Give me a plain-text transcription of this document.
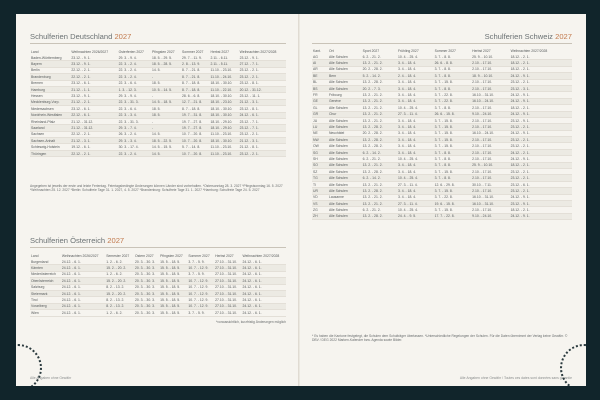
Schulferien Deutschland 2027
Land	Weihnachten 2026/2027	Osterferien 2027	Pfingsten 2027	Sommer 2027	Herbst 2027	Weihnachten 2027/2028
Baden-Württemberg	23.12. - 9. 1.	29. 3. - 9. 4.	18. 5. - 29. 5.	29. 7. - 11. 9.	2.11. - 6.11.	23.12. - 9. 1.
Bayern	23.12. - 9. 1.	22. 3. - 2. 4.	18. 5. - 28. 5.	2. 8. - 13. 9.	2.11. - 5.11.	27.12. - 7. 1.
Berlin	22.12. - 2. 1.	22. 3. - 2. 4.	14. 5.	8. 7. - 21. 8.	11.10. - 23.10.	23.12. - 2. 1.
Brandenburg	22.12. - 2. 1.	22. 3. - 2. 4.	-	8. 7. - 21. 8.	11.10. - 24.10.	23.12. - 2. 1.
Bremen	23.12. - 6. 1.	22. 3. - 6. 4.	18. 5.	8. 7. - 18. 8.	18.10. - 30.10.	23.12. - 8. 1.
Hamburg	21.12. - 1. 1.	1. 3. - 12. 3.	10. 5. - 14. 5.	8. 7. - 18. 8.	11.10. - 22.10.	20.12. - 31.12.
Hessen	23.12. - 9. 1.	29. 3. - 9. 4.	-	28. 6. - 6. 8.	18.10. - 30.10.	23.12. - 11. 1.
Mecklenburg-Vorp.	21.12. - 2. 1.	22. 3. - 31. 3.	14. 5. - 18. 5.	12. 7. - 21. 8.	18.10. - 23.10.	21.12. - 3. 1.
Niedersachsen	23.12. - 6. 1.	22. 3. - 6. 4.	18. 5.	8. 7. - 18. 8.	18.10. - 30.10.	23.12. - 8. 1.
Nordrhein-Westfalen	22.12. - 6. 1.	22. 3. - 3. 4.	18. 5.	19. 7. - 31. 8.	18.10. - 30.10.	24.12. - 6. 1.
Rheinland-Pfalz	21.12. - 31.12.	22. 3. - 31. 3.	-	19. 7. - 27. 8.	18.10. - 29.10.	23.12. - 7. 1.
Saarland	21.12. - 31.12.	29. 3. - 7. 4.	-	19. 7. - 27. 8.	18.10. - 29.10.	23.12. - 7. 1.
Sachsen	22.12. - 2. 1.	26. 3. - 2. 4.	14. 5.	10. 7. - 20. 8.	11.10. - 23.10.	23.12. - 2. 1.
Sachsen-Anhalt	21.12. - 3. 1.	29. 3. - 3. 4.	18. 5. - 22. 5.	10. 7. - 20. 8.	18.10. - 30.10.	21.12. - 3. 1.
Schleswig-Holstein	19.12. - 6. 1.	30. 3. - 17. 4.	14. 5. - 15. 5.	5. 7. - 14. 8.	11.10. - 23.10.	21.12. - 8. 1.
Thüringen	22.12. - 2. 1.	22. 3. - 2. 4.	14. 5.	10. 7. - 20. 8.	11.10. - 23.10.	23.12. - 2. 1.
Angegeben ist jeweils der erste und letzte Ferientag. Feiertagsbedingte Änderungen können Länder sind vorbehalten. *Ostersonntag 28. 3. 2027 *Pfingstsonntag 16. 5. 2027 *Weihnachten 25. 12. 2027 *Berlin: Schulfreie Tage 31. 1. 2027, 4. 5. 2027 *Brandenburg: Schulfreie Tage 31. 1. 2027 *Hamburg: Schulfreie Tage 24. 5. 2027
Schulferien Österreich 2027
Land	Weihnachten 2026/2027	Semester 2027	Ostern 2027	Pfingsten 2027	Sommer 2027	Herbst 2027	Weihnachten 2027/2028
Burgenland	24.12. - 6. 1.	1. 2. - 6. 2.	20. 3. - 30. 3.	15. 5. - 18. 5.	3. 7. - 5. 9.	27.10. - 31.10.	24.12. - 6. 1.
Kärnten	24.12. - 6. 1.	15. 2. - 20. 2.	20. 3. - 30. 3.	15. 5. - 18. 5.	10. 7. - 12. 9.	27.10. - 31.10.	24.12. - 6. 1.
Niederösterreich	24.12. - 6. 1.	1. 2. - 6. 2.	20. 3. - 30. 3.	15. 5. - 18. 5.	3. 7. - 5. 9.	27.10. - 31.10.	24.12. - 6. 1.
Oberösterreich	24.12. - 6. 1.	15. 2. - 20. 2.	20. 3. - 30. 3.	15. 5. - 18. 5.	10. 7. - 12. 9.	27.10. - 31.10.	24.12. - 6. 1.
Salzburg	24.12. - 6. 1.	8. 2. - 13. 2.	20. 3. - 30. 3.	15. 5. - 18. 5.	10. 7. - 12. 9.	27.10. - 31.10.	24.12. - 6. 1.
Steiermark	24.12. - 6. 1.	15. 2. - 20. 2.	20. 3. - 30. 3.	15. 5. - 18. 5.	10. 7. - 12. 9.	27.10. - 31.10.	24.12. - 6. 1.
Tirol	24.12. - 6. 1.	8. 2. - 13. 2.	20. 3. - 30. 3.	15. 5. - 18. 5.	10. 7. - 12. 9.	27.10. - 31.10.	24.12. - 6. 1.
Vorarlberg	24.12. - 6. 1.	8. 2. - 13. 2.	20. 3. - 30. 3.	15. 5. - 18. 5.	10. 7. - 12. 9.	27.10. - 31.10.	24.12. - 6. 1.
Wien	24.12. - 6. 1.	1. 2. - 6. 2.	20. 3. - 30. 3.	15. 5. - 18. 5.	3. 7. - 5. 9.	27.10. - 31.10.	24.12. - 6. 1.
*voraussichtlich, kurzfristig Änderungen möglich
Alle Angaben ohne Gewähr
Schulferien Schweiz 2027
Kant.	Ort	Sport 2027	Frühling 2027	Sommer 2027	Herbst 2027	Weihnachten 2027/2028
AG	Alle Schulen	6. 2. - 21. 2.	10. 4. - 25. 4.	3. 7. - 8. 8.	25. 9. - 10.10.	18.12. - 2. 1.
AI	Alle Schulen	13. 2. - 21. 2.	3. 4. - 18. 4.	26. 6. - 8. 8.	2.10. - 17.10.	18.12. - 2. 1.
AR	Alle Schulen	20. 2. - 28. 2.	3. 4. - 18. 4.	3. 7. - 8. 8.	2.10. - 17.10.	18.12. - 2. 1.
BE	Bern	5. 2. - 14. 2.	2. 4. - 18. 4.	3. 7. - 8. 8.	18. 9. - 10.10.	24.12. - 9. 1.
BL	Alle Schulen	13. 2. - 28. 2.	3. 4. - 18. 4.	3. 7. - 15. 8.	2.10. - 17.10.	23.12. - 2. 1.
BS	Alle Schulen	20. 2. - 7. 3.	3. 4. - 18. 4.	3. 7. - 8. 8.	2.10. - 17.10.	23.12. - 3. 1.
FR	Fribourg	13. 2. - 21. 2.	3. 4. - 18. 4.	3. 7. - 22. 8.	16.10. - 31.10.	24.12. - 9. 1.
GE	Genève	13. 2. - 21. 2.	3. 4. - 18. 4.	3. 7. - 22. 8.	16.10. - 24.10.	24.12. - 9. 1.
GL	Alle Schulen	13. 2. - 21. 2.	10. 4. - 25. 4.	3. 7. - 8. 8.	2.10. - 17.10.	18.12. - 2. 1.
GR	Chur	13. 2. - 21. 2.	27. 3. - 11. 4.	26. 6. - 15. 8.	9.10. - 24.10.	24.12. - 9. 1.
JU	Alle Schulen	13. 2. - 21. 2.	3. 4. - 18. 4.	3. 7. - 15. 8.	2.10. - 17.10.	23.12. - 9. 1.
LU	Alle Schulen	13. 2. - 28. 2.	3. 4. - 18. 4.	3. 7. - 15. 8.	2.10. - 17.10.	23.12. - 2. 1.
NE	Neuchâtel	20. 2. - 28. 2.	3. 4. - 18. 4.	3. 7. - 15. 8.	16.10. - 24.10.	24.12. - 9. 1.
NW	Alle Schulen	13. 2. - 28. 2.	3. 4. - 18. 4.	3. 7. - 15. 8.	2.10. - 17.10.	23.12. - 2. 1.
OW	Alle Schulen	13. 2. - 28. 2.	3. 4. - 18. 4.	3. 7. - 15. 8.	2.10. - 17.10.	23.12. - 2. 1.
SG	Alle Schulen	6. 2. - 14. 2.	3. 4. - 18. 4.	3. 7. - 8. 8.	2.10. - 17.10.	24.12. - 2. 1.
SH	Alle Schulen	6. 2. - 21. 2.	10. 4. - 25. 4.	3. 7. - 8. 8.	2.10. - 17.10.	24.12. - 9. 1.
SO	Alle Schulen	13. 2. - 21. 2.	3. 4. - 18. 4.	3. 7. - 8. 8.	25. 9. - 10.10.	18.12. - 2. 1.
SZ	Alle Schulen	13. 2. - 28. 2.	3. 4. - 18. 4.	3. 7. - 15. 8.	2.10. - 17.10.	23.12. - 2. 1.
TG	Alle Schulen	6. 2. - 14. 2.	10. 4. - 25. 4.	3. 7. - 8. 8.	2.10. - 17.10.	23.12. - 2. 1.
TI	Alle Schulen	13. 2. - 21. 2.	27. 3. - 11. 4.	12. 6. - 29. 8.	30.10. - 7.11.	23.12. - 6. 1.
UR	Alle Schulen	13. 2. - 28. 2.	3. 4. - 18. 4.	3. 7. - 15. 8.	2.10. - 17.10.	23.12. - 2. 1.
VD	Lausanne	13. 2. - 21. 2.	3. 4. - 18. 4.	3. 7. - 22. 8.	16.10. - 31.10.	24.12. - 9. 1.
VS	Alle Schulen	13. 2. - 21. 2.	27. 3. - 11. 4.	19. 6. - 15. 8.	16.10. - 31.10.	23.12. - 9. 1.
ZG	Alle Schulen	6. 2. - 21. 2.	10. 4. - 25. 4.	3. 7. - 15. 8.	2.10. - 17.10.	18.12. - 2. 1.
ZH	Alle Schulen	13. 2. - 28. 2.	24. 4. - 9. 5.	17. 7. - 22. 8.	9.10. - 24.10.	24.12. - 9. 1.
* Es haben die Kantone festgelegt, die Schulen dem Schulträger überlassen. *Unterschiedliche Regelungen der Schulen. Für die Daten übernimmt der Verlag keine Gewähr. © DBV / DEG 2022 Marken-Kalender bzw. Agenda sowie Bilder.
Alle Angaben ohne Gewähr / Toutes ces dates sont données sans garantie
